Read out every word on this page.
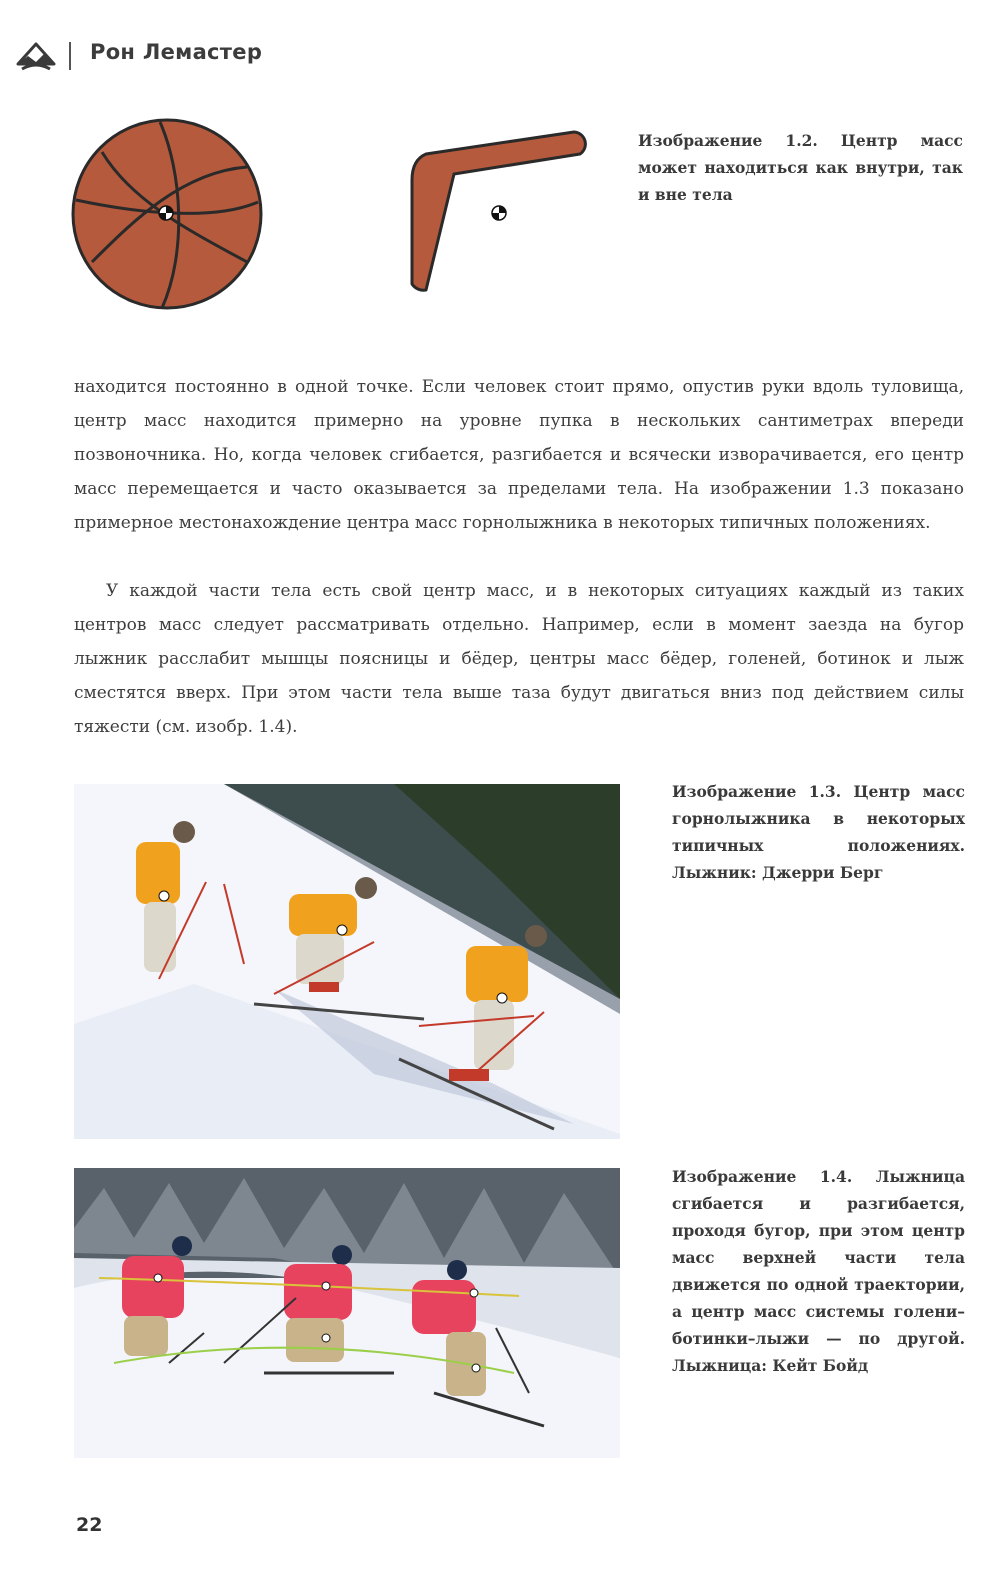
Рон Лемастер
Изображение 1.2. Центр масс может находиться как внутри, так и вне тела

находится постоянно в одной точке. Если человек стоит прямо, опустив руки вдоль туловища, центр масс находится примерно на уровне пупка в нескольких сантиметрах впереди позвоночника. Но, когда человек сгибается, разгибается и всячески изворачивается, его центр масс перемещается и часто оказывается за пределами тела. На изображении 1.3 показано примерное местонахождение центра масс горнолыжника в некоторых типичных положениях.

У каждой части тела есть свой центр масс, и в некоторых ситуациях каждый из таких центров масс следует рассматривать отдельно. Например, если в момент заезда на бугор лыжник расслабит мышцы поясницы и бёдер, центры масс бёдер, голеней, ботинок и лыж сместятся вверх. При этом части тела выше таза будут двигаться вниз под действием силы тяжести (см. изобр. 1.4).

Изображение 1.3. Центр масс горнолыжника в некоторых типичных положениях. Лыжник: Джерри Берг
Изображение 1.4. Лыжница сгибается и разгибается, проходя бугор, при этом центр масс верхней части тела движется по одной траектории, а центр масс системы голени–ботинки–лыжи — по другой. Лыжница: Кейт Бойд
22
